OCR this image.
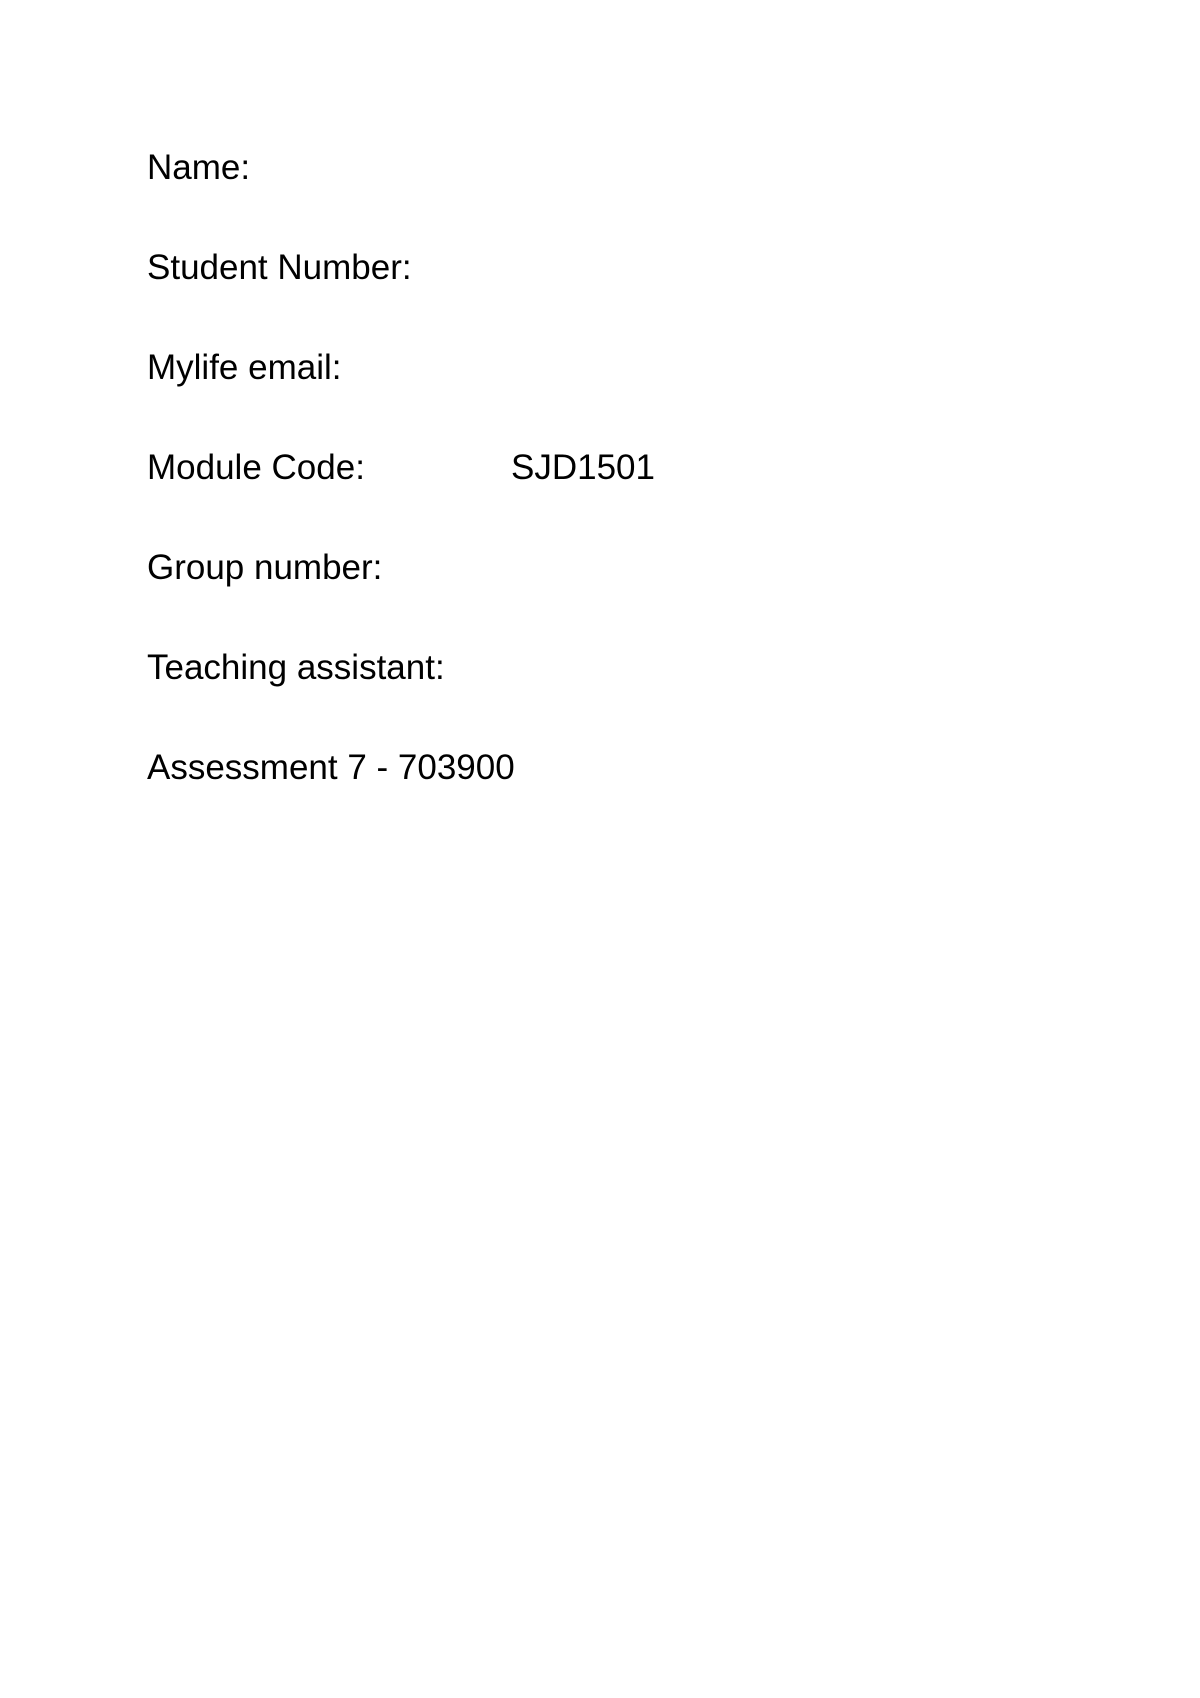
Name:
Student Number:
Mylife email:
Module Code:	SJD1501
Group number:
Teaching assistant:
Assessment 7 - 703900
